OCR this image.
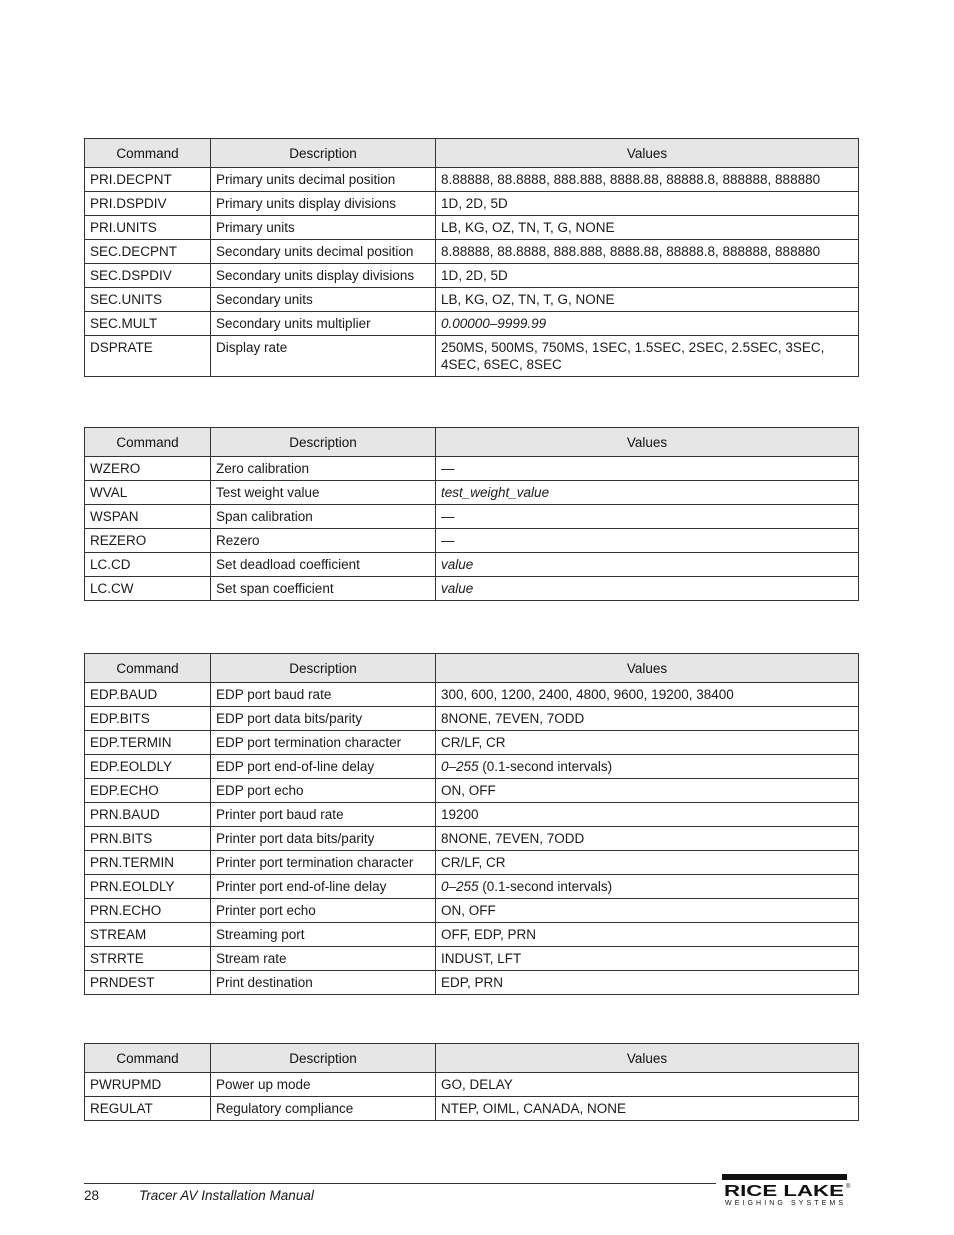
Command	Description	Values
PRI.DECPNT	Primary units decimal position	8.88888, 88.8888, 888.888, 8888.88, 88888.8, 888888, 888880
PRI.DSPDIV	Primary units display divisions	1D, 2D, 5D
PRI.UNITS	Primary units	LB, KG, OZ, TN, T, G, NONE
SEC.DECPNT	Secondary units decimal position	8.88888, 88.8888, 888.888, 8888.88, 88888.8, 888888, 888880
SEC.DSPDIV	Secondary units display divisions	1D, 2D, 5D
SEC.UNITS	Secondary units	LB, KG, OZ, TN, T, G, NONE
SEC.MULT	Secondary units multiplier	0.00000–9999.99
DSPRATE	Display rate	250MS, 500MS, 750MS, 1SEC, 1.5SEC, 2SEC, 2.5SEC, 3SEC, 4SEC, 6SEC, 8SEC
Command	Description	Values
WZERO	Zero calibration	—
WVAL	Test weight value	test_weight_value
WSPAN	Span calibration	—
REZERO	Rezero	—
LC.CD	Set deadload coefficient	value
LC.CW	Set span coefficient	value
Command	Description	Values
EDP.BAUD	EDP port baud rate	300, 600, 1200, 2400, 4800, 9600, 19200, 38400
EDP.BITS	EDP port data bits/parity	8NONE, 7EVEN, 7ODD
EDP.TERMIN	EDP port termination character	CR/LF, CR
EDP.EOLDLY	EDP port end-of-line delay	0–255 (0.1-second intervals)
EDP.ECHO	EDP port echo	ON, OFF
PRN.BAUD	Printer port baud rate	19200
PRN.BITS	Printer port data bits/parity	8NONE, 7EVEN, 7ODD
PRN.TERMIN	Printer port termination character	CR/LF, CR
PRN.EOLDLY	Printer port end-of-line delay	0–255 (0.1-second intervals)
PRN.ECHO	Printer port echo	ON, OFF
STREAM	Streaming port	OFF, EDP, PRN
STRRTE	Stream rate	INDUST, LFT
PRNDEST	Print destination	EDP, PRN
Command	Description	Values
PWRUPMD	Power up mode	GO, DELAY
REGULAT	Regulatory compliance	NTEP, OIML, CANADA, NONE
28	Tracer AV Installation Manual	RICE LAKE ®
WEIGHING SYSTEMS
